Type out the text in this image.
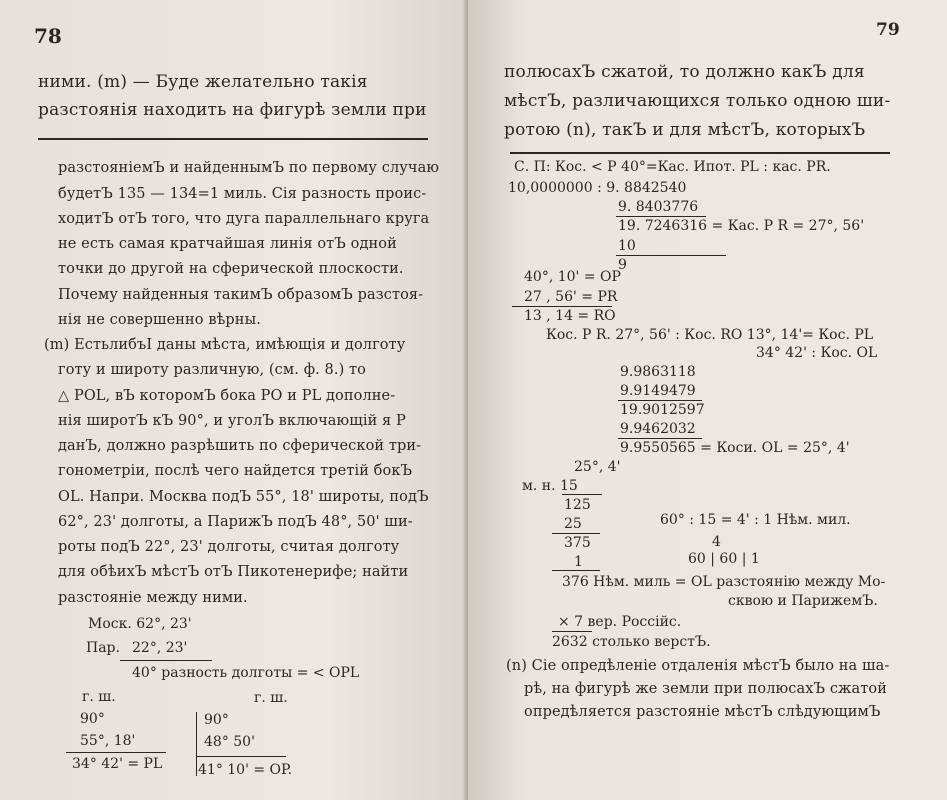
78
ними. (m) — Буде желательно такія
разстоянія находить на фигурѣ земли при
разстояніемЪ и найденнымЪ по первому случаю
будетЪ 135 — 134=1 миль. Сія разность проис-
ходитЪ отЪ того, что дуга параллельнаго круга
не есть самая кратчайшая линія отЪ одной
точки до другой на сферической плоскости.
Почему найденныя такимЪ образомЪ разстоя-
нія не совершенно вѣрны.
(m) ЕстьлибъІ даны мѣста, имѣющія и долготу
готу и широту различную, (см. ф. 8.) то
△ POL, вЪ которомЪ бока PO и PL дополне-
нія широтЪ кЪ 90°, и уголЪ включающій я P
данЪ, должно разрѣшить по сферической три-
гонометріи, послѣ чего найдется третій бокЪ
OL. Напри. Москва подЪ 55°, 18' широты, подЪ
62°, 23' долготы, а ПарижЪ подЪ 48°, 50' ши-
роты подЪ 22°, 23' долготы, считая долготу
для обѣихЪ мѣстЪ отЪ Пикотенерифе; найти
разстояніе между ними.
Моск. 62°, 23'
Пар. 22°, 23'
40° разность долготы = < OPL
г. ш.
90°
55°, 18'
34° 42' = PL
г. ш.
90°
48° 50'
41° 10' = OP.
79
полюсахЪ сжатой, то должно какЪ для
мѣстЪ, различающихся только одною ши-
ротою (n), такЪ и для мѣстЪ, которыхЪ
С. П: Кос. < P 40°=Кас. Ипот. PL : кас. PR.
10,0000000 : 9. 8842540
9. 8403776
19. 7246316 = Кас. P R = 27°, 56'
10
9
40°, 10' = OP
27 , 56' = PR
13 , 14 = RO
Кос. P R. 27°, 56' : Кос. RO 13°, 14'= Кос. PL
34° 42' : Кос. OL
9.9863118
9.9149479
19.9012597
9.9462032
9.9550565 = Коси. OL = 25°, 4'
25°, 4'
м. н. 15
125
25
375
1
60° : 15 = 4' : 1 Нѣм. мил.
4
60 | 60 | 1
376 Нѣм. миль = OL разстоянію между Мо-
сквою и ПарижемЪ.
× 7 вер. Россійс.
2632 столько верстЪ.
(n) Сіе опредѣленіе отдаленія мѣстЪ было на ша-
рѣ, на фигурѣ же земли при полюсахЪ сжатой
опредѣляется разстояніе мѣстЪ слѣдующимЪ
